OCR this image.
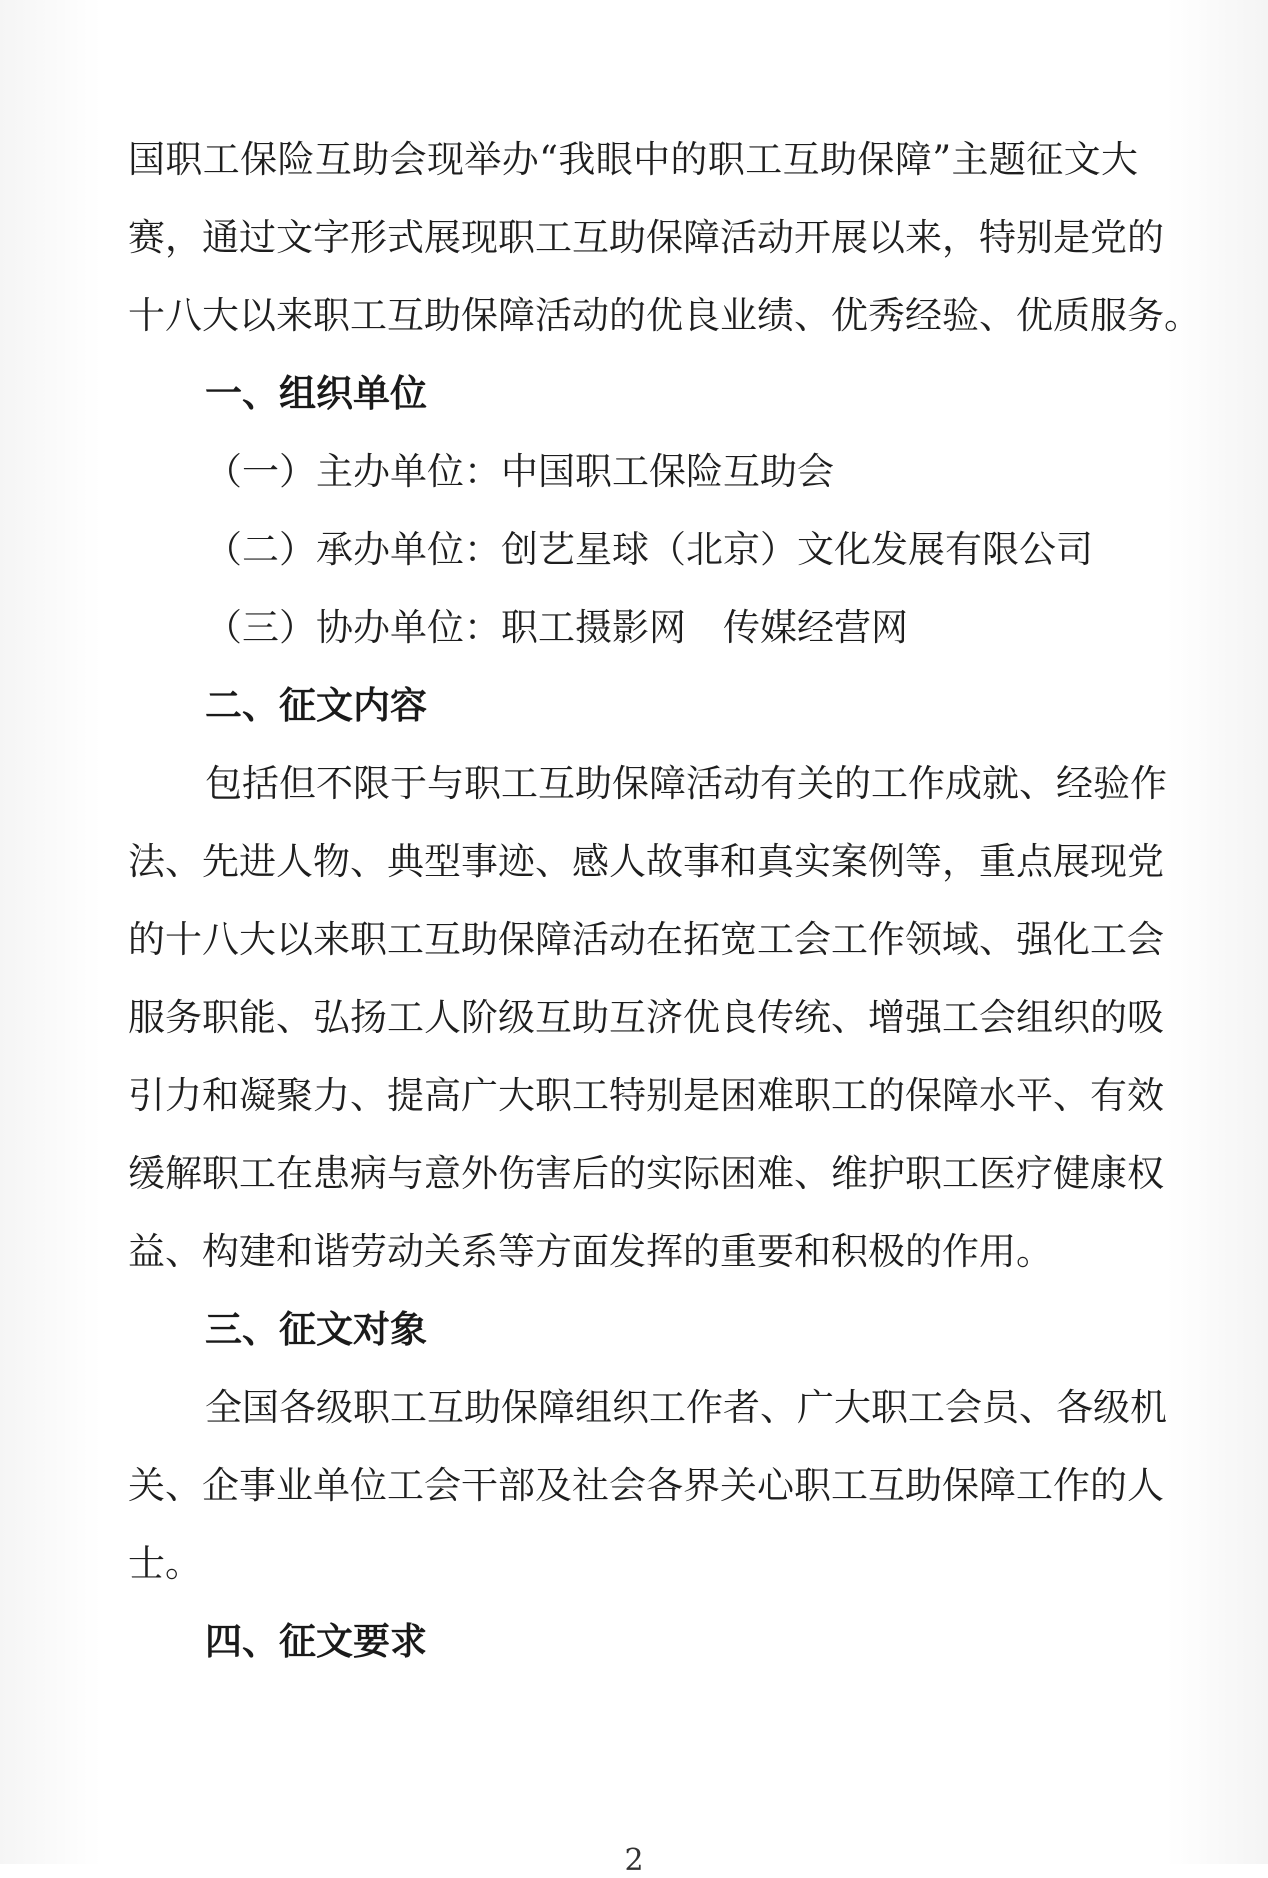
国职工保险互助会现举办“我眼中的职工互助保障”主题征文大
赛，通过文字形式展现职工互助保障活动开展以来，特别是党的
十八大以来职工互助保障活动的优良业绩、优秀经验、优质服务。
一、组织单位
（一）主办单位：中国职工保险互助会
（二）承办单位：创艺星球（北京）文化发展有限公司
（三）协办单位：职工摄影网　传媒经营网
二、征文内容
包括但不限于与职工互助保障活动有关的工作成就、经验作
法、先进人物、典型事迹、感人故事和真实案例等，重点展现党
的十八大以来职工互助保障活动在拓宽工会工作领域、强化工会
服务职能、弘扬工人阶级互助互济优良传统、增强工会组织的吸
引力和凝聚力、提高广大职工特别是困难职工的保障水平、有效
缓解职工在患病与意外伤害后的实际困难、维护职工医疗健康权
益、构建和谐劳动关系等方面发挥的重要和积极的作用。
三、征文对象
全国各级职工互助保障组织工作者、广大职工会员、各级机
关、企事业单位工会干部及社会各界关心职工互助保障工作的人
士。
四、征文要求
2
